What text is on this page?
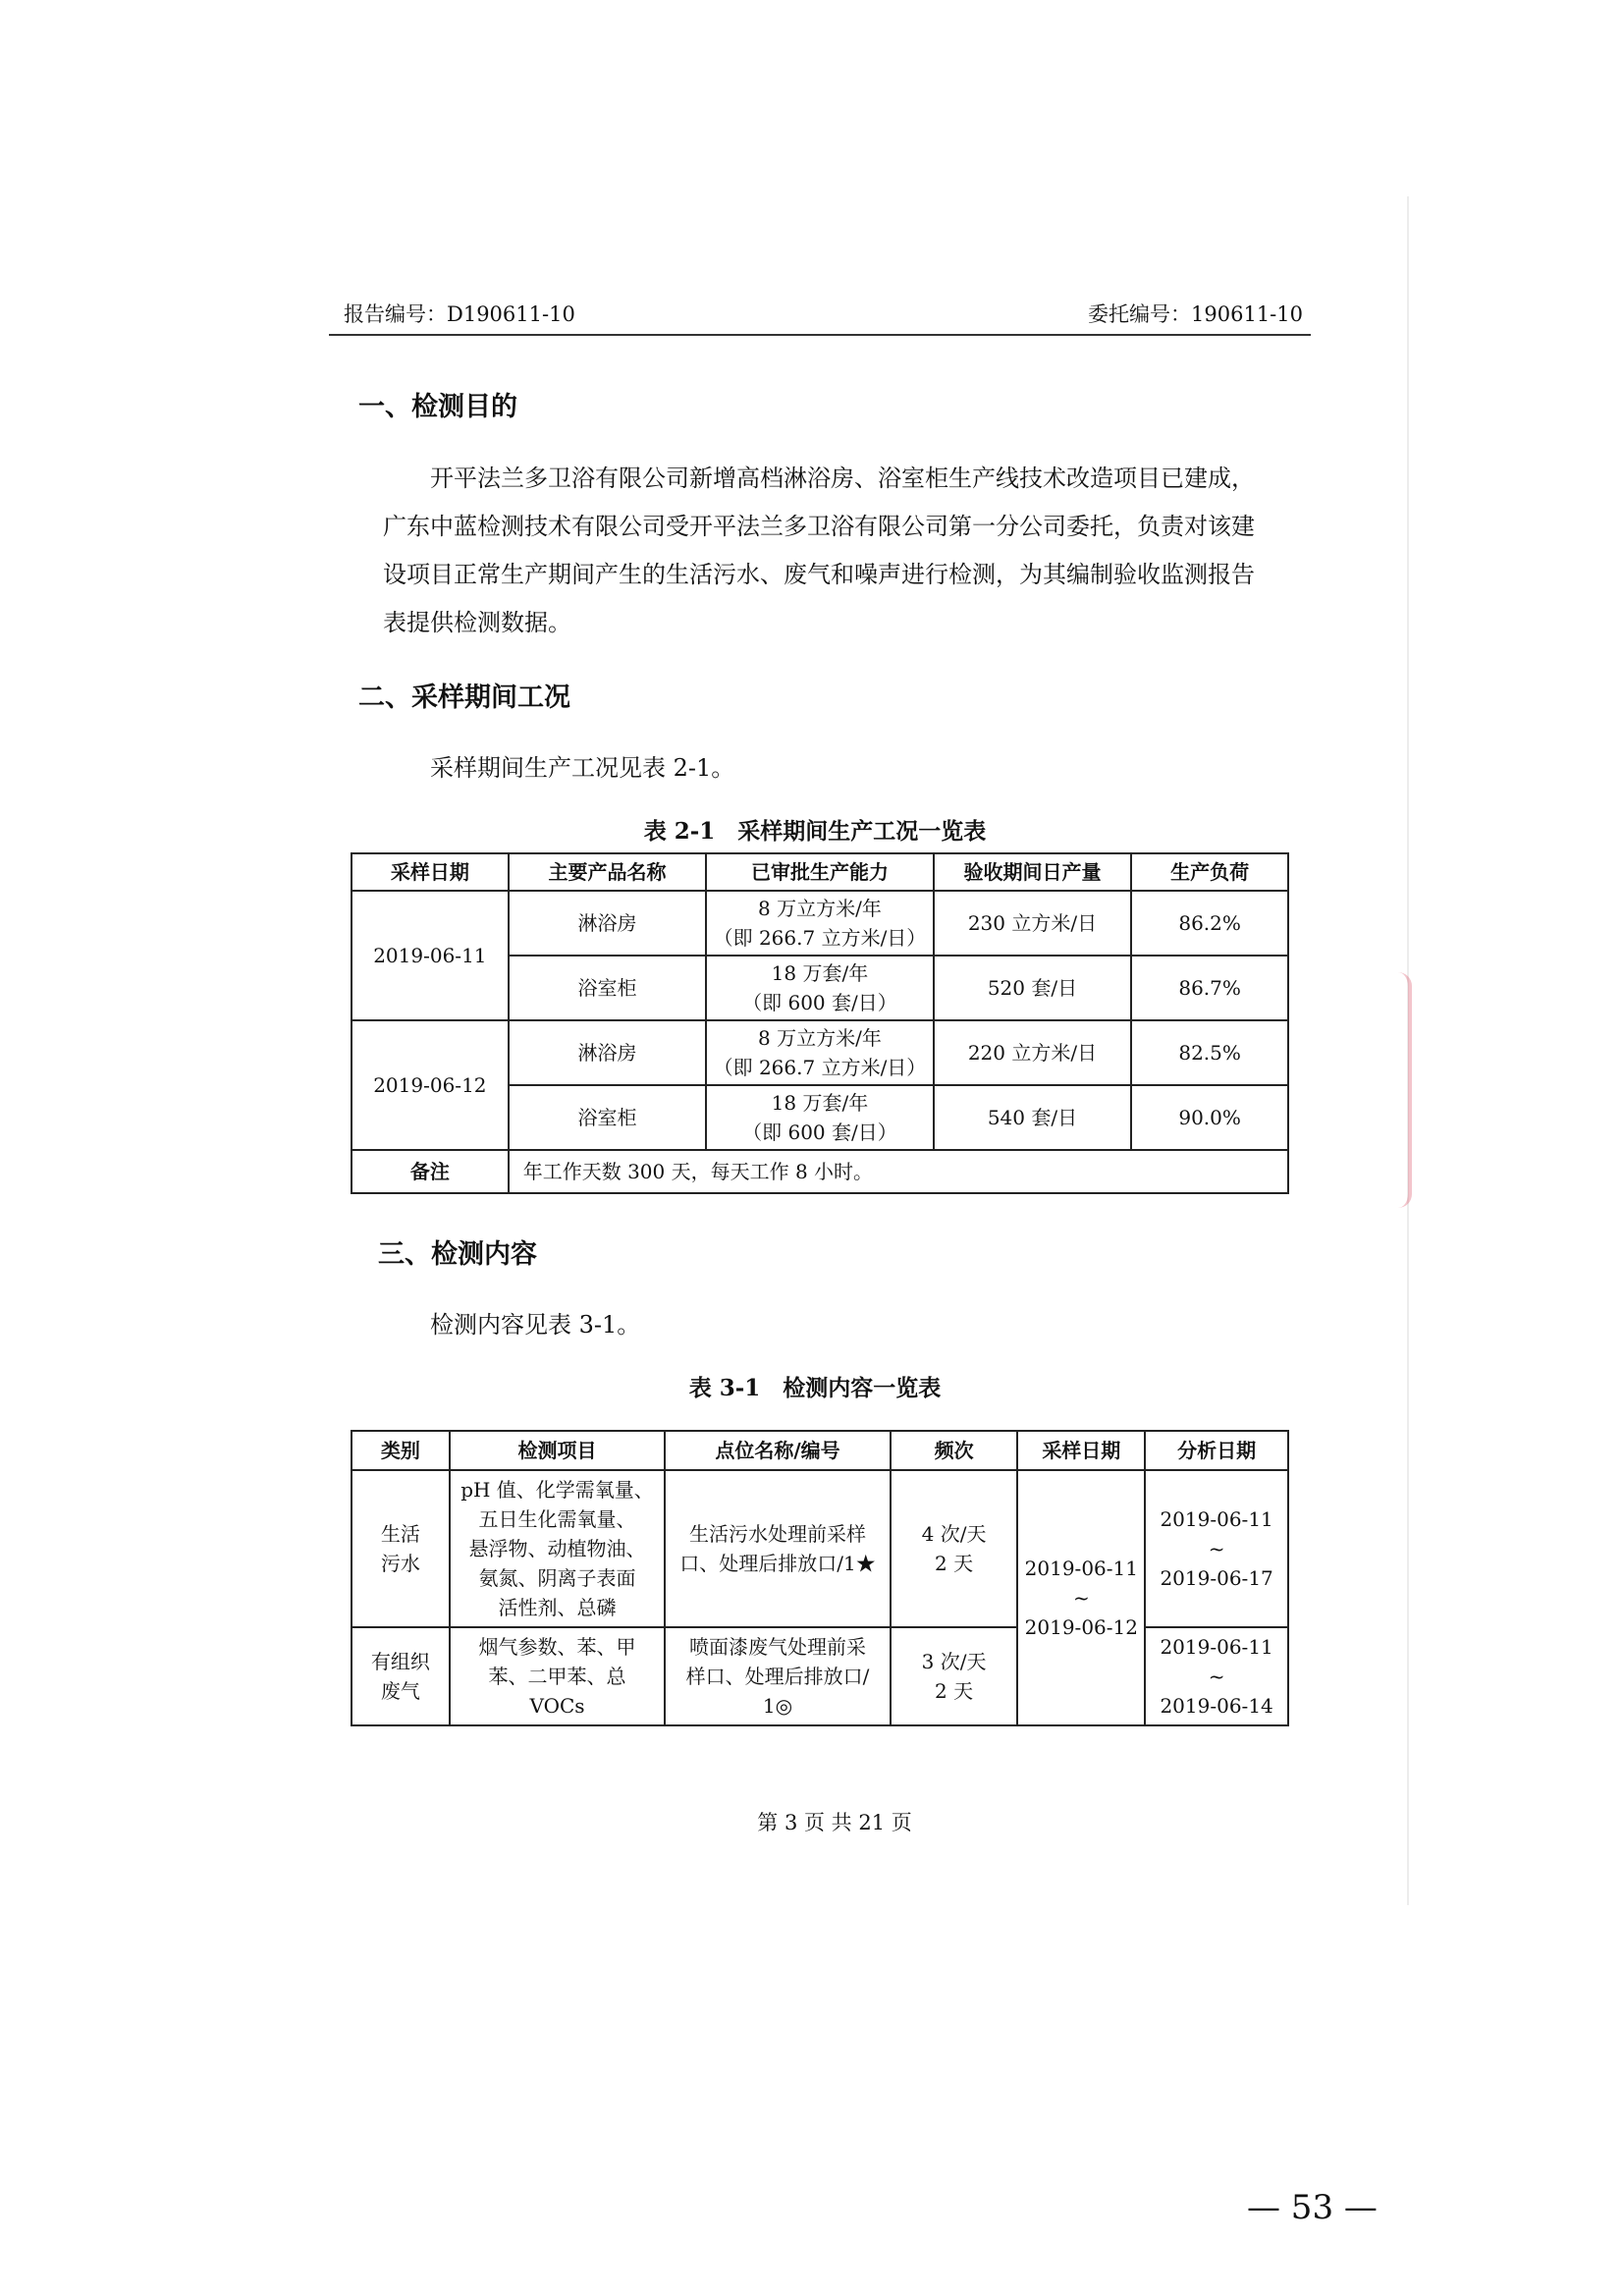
报告编号：D190611-10	委托编号：190611-10
一、检测目的

开平法兰多卫浴有限公司新增高档淋浴房、浴室柜生产线技术改造项目已建成，广东中蓝检测技术有限公司受开平法兰多卫浴有限公司第一分公司委托，负责对该建设项目正常生产期间产生的生活污水、废气和噪声进行检测，为其编制验收监测报告表提供检测数据。

二、采样期间工况

采样期间生产工况见表 2-1。

表 2-1　采样期间生产工况一览表
采样日期	主要产品名称	已审批生产能力	验收期间日产量	生产负荷
2019-06-11	淋浴房	8 万立方米/年
（即 266.7 立方米/日）	230 立方米/日	86.2%
	浴室柜	18 万套/年
（即 600 套/日）	520 套/日	86.7%
2019-06-12	淋浴房	8 万立方米/年
（即 266.7 立方米/日）	220 立方米/日	82.5%
	浴室柜	18 万套/年
（即 600 套/日）	540 套/日	90.0%
备注	年工作天数 300 天，每天工作 8 小时。			
三、检测内容

检测内容见表 3-1。

表 3-1　检测内容一览表
类别	检测项目	点位名称/编号	频次	采样日期	分析日期

生活
污水	pH 值、化学需氧量、
五日生化需氧量、
悬浮物、动植物油、
氨氮、阴离子表面
活性剂、总磷	生活污水处理前采样
口、处理后排放口/1★	4 次/天
2 天	2019-06-11
~
2019-06-12	2019-06-11
~
2019-06-17

有组织
废气	烟气参数、苯、甲
苯、二甲苯、总
VOCs	喷面漆废气处理前采
样口、处理后排放口/
1◎	3 次/天
2 天		2019-06-11
~
2019-06-14
第 3 页 共 21 页
— 53 —
